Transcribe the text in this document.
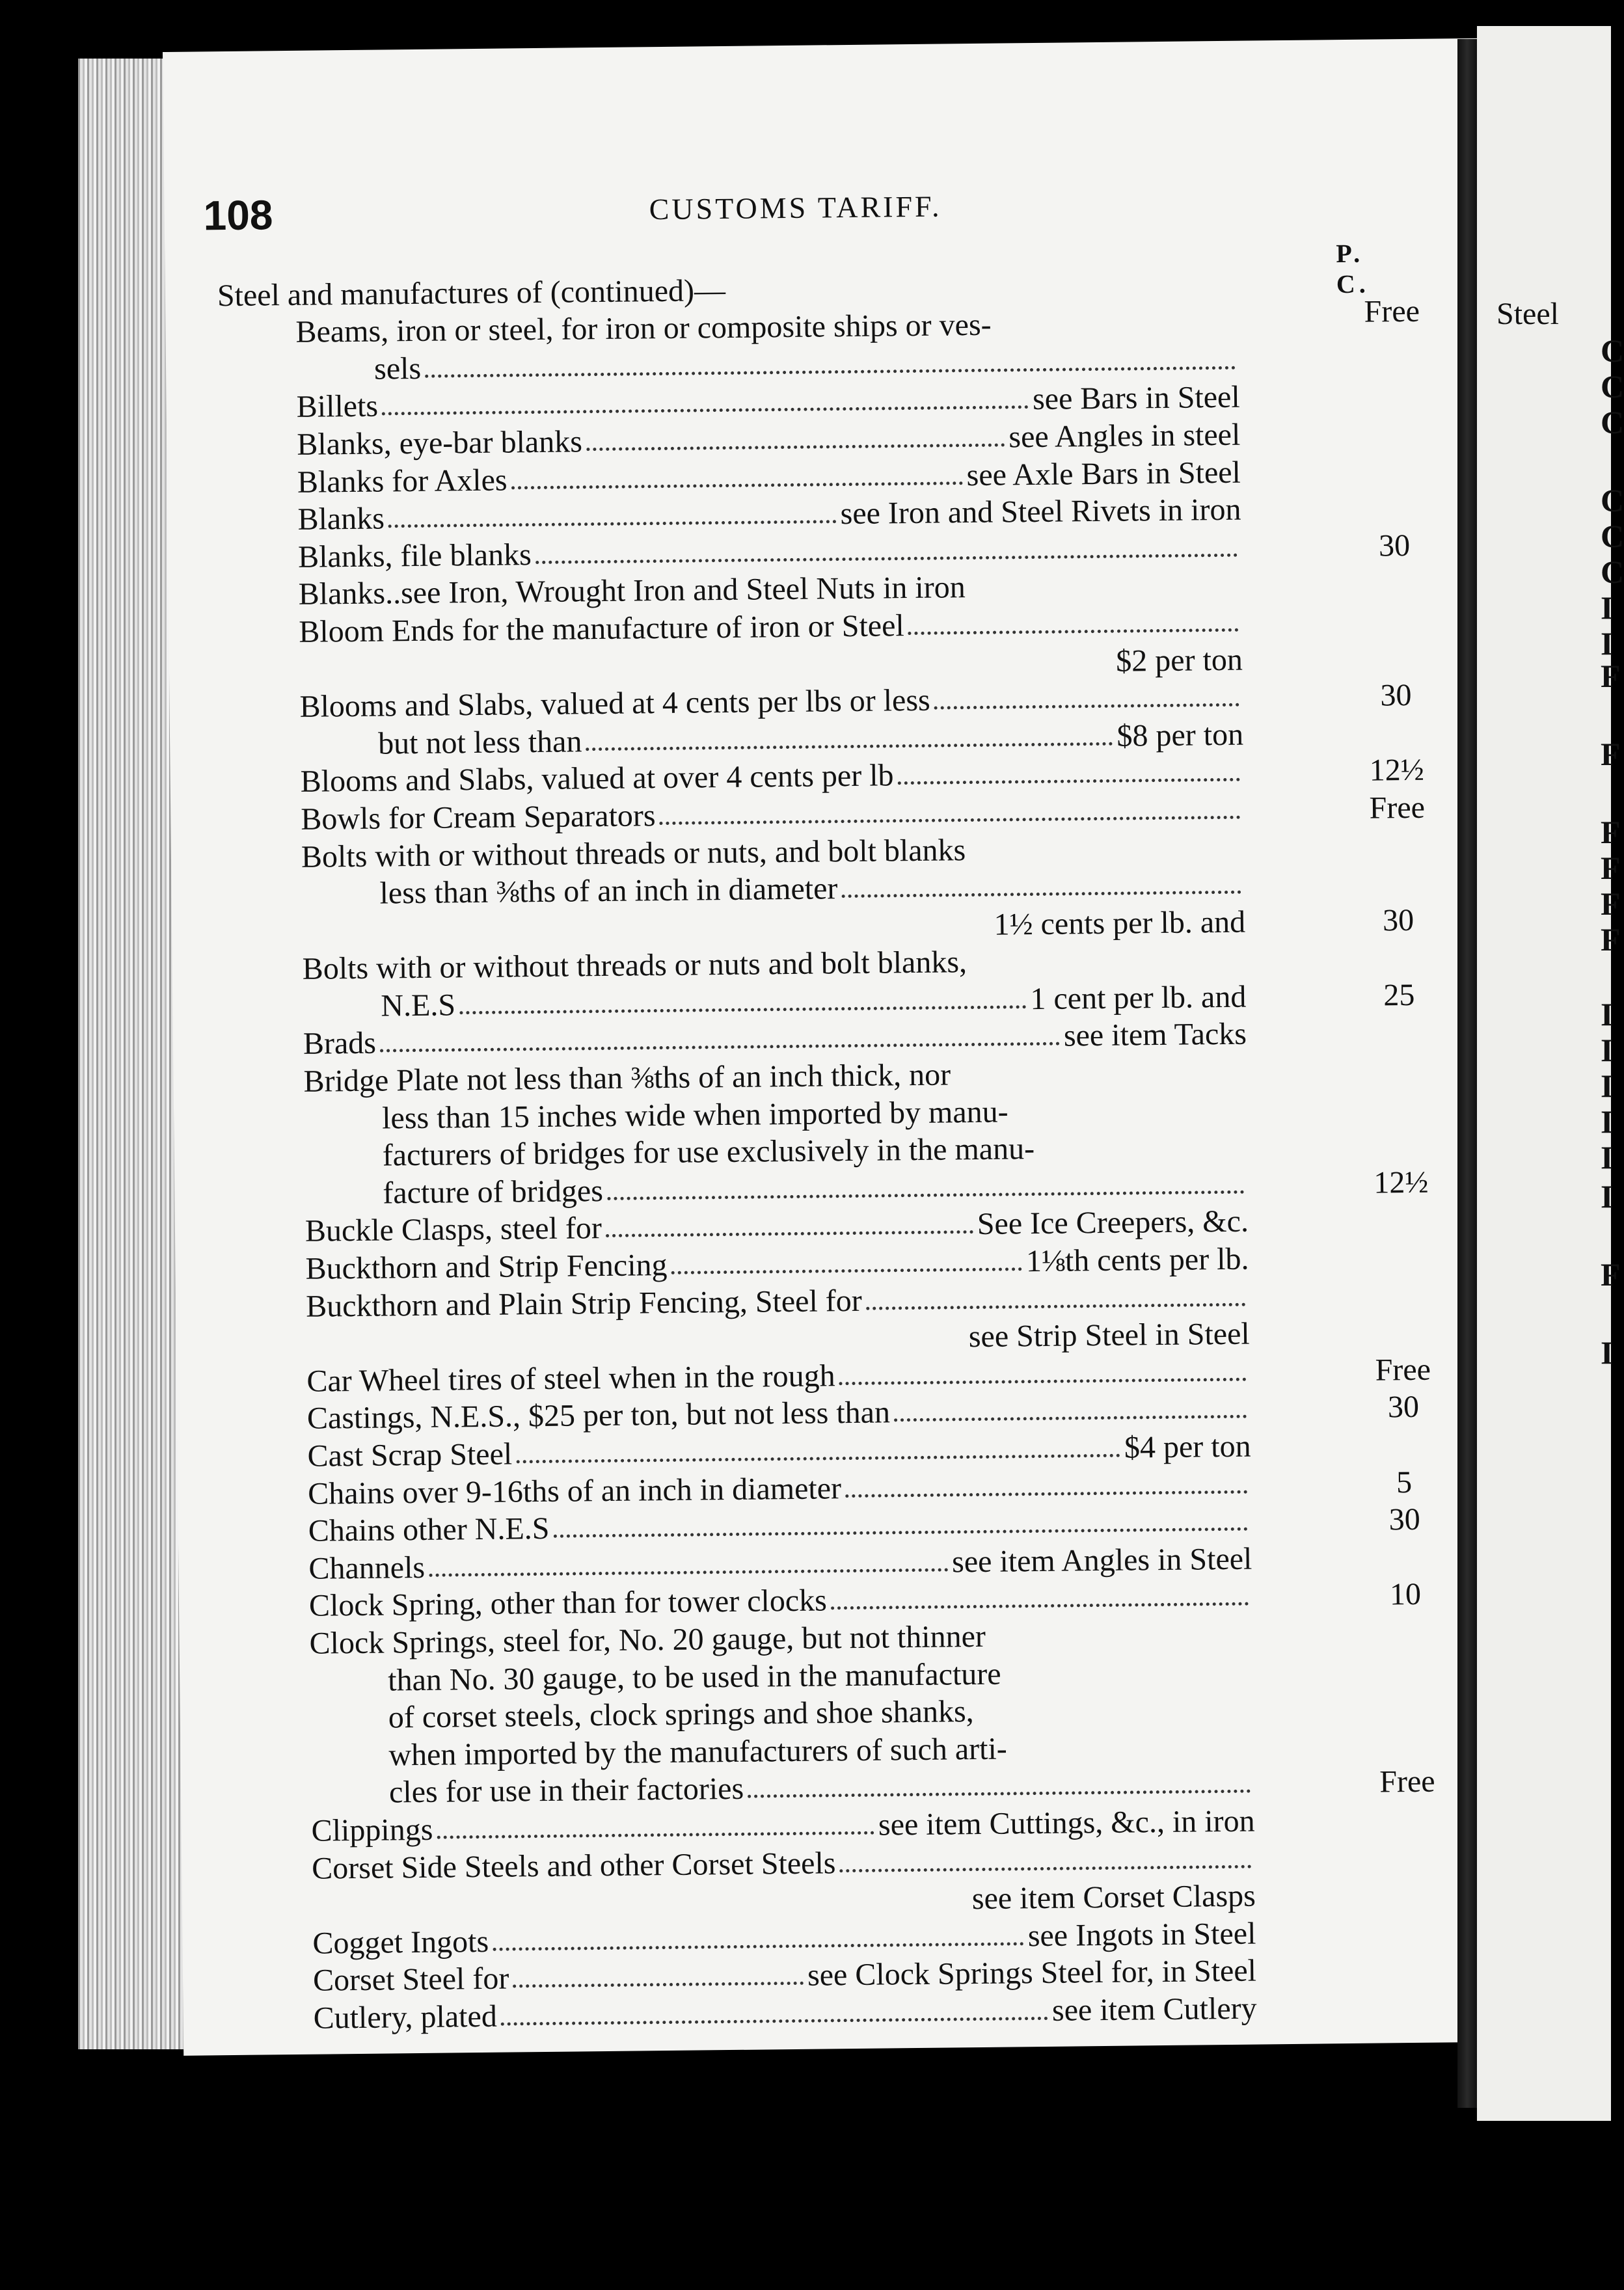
108	CUSTOMS TARIFF.
P. C.
Steel and manufactures of (continued)—
Beams, iron or steel, for iron or composite ships or ves-	Free
sels
Billets	see Bars in Steel
Blanks, eye-bar blanks	see Angles in steel
Blanks for Axles	see Axle Bars in Steel
Blanks	see Iron and Steel Rivets in iron
Blanks, file blanks	30
Blanks..see Iron, Wrought Iron and Steel Nuts in iron
Bloom Ends for the manufacture of iron or Steel
$2 per ton
Blooms and Slabs, valued at 4 cents per lbs or less	30
but not less than	$8 per ton
Blooms and Slabs, valued at over 4 cents per lb	12½
Bowls for Cream Separators	Free
Bolts with or without threads or nuts, and bolt blanks
less than ⅜ths of an inch in diameter
1½ cents per lb. and	30
Bolts with or without threads or nuts and bolt blanks,
N.E.S	1 cent per lb. and	25
Brads	see item Tacks
Bridge Plate not less than ⅜ths of an inch thick, nor
less than 15 inches wide when imported by manu-
facturers of bridges for use exclusively in the manu-
facture of bridges	12½
Buckle Clasps, steel for	See Ice Creepers, &c.
Buckthorn and Strip Fencing	1⅛th cents per lb.
Buckthorn and Plain Strip Fencing, Steel for
see Strip Steel in Steel
Car Wheel tires of steel when in the rough	Free
Castings, N.E.S., $25 per ton, but not less than	30
Cast Scrap Steel	$4 per ton
Chains over 9-16ths of an inch in diameter	5
Chains other N.E.S	30
Channels	see item Angles in Steel
Clock Spring, other than for tower clocks	10
Clock Springs, steel for, No. 20 gauge, but not thinner
than No. 30 gauge, to be used in the manufacture
of corset steels, clock springs and shoe shanks,
when imported by the manufacturers of such arti-
cles for use in their factories	Free
Clippings	see item Cuttings, &c., in iron
Corset Side Steels and other Corset Steels
see item Corset Clasps
Cogget Ingots	see Ingots in Steel
Corset Steel for	see Clock Springs Steel for, in Steel
Cutlery, plated	see item Cutlery
Steel
C
C
C
C
C
C
I
I
F
F
F
F
F
F
I
I
I
I
I
I
F
I
